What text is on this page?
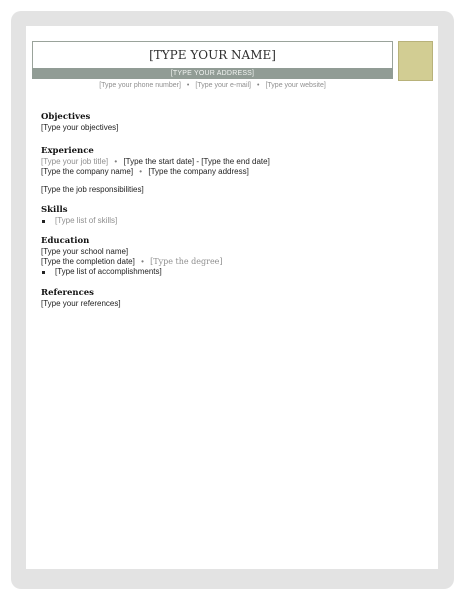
[TYPE YOUR NAME]
[TYPE YOUR ADDRESS]
[Type your phone number] • [Type your e-mail] • [Type your website]
Objectives
[Type your objectives]
Experience
[Type your job title] • [Type the start date] - [Type the end date]
[Type the company name] • [Type the company address]
[Type the job responsibilities]
Skills
[Type list of skills]
Education
[Type your school name]
[Type the completion date] • [Type the degree]
[Type list of accomplishments]
References
[Type your references]
